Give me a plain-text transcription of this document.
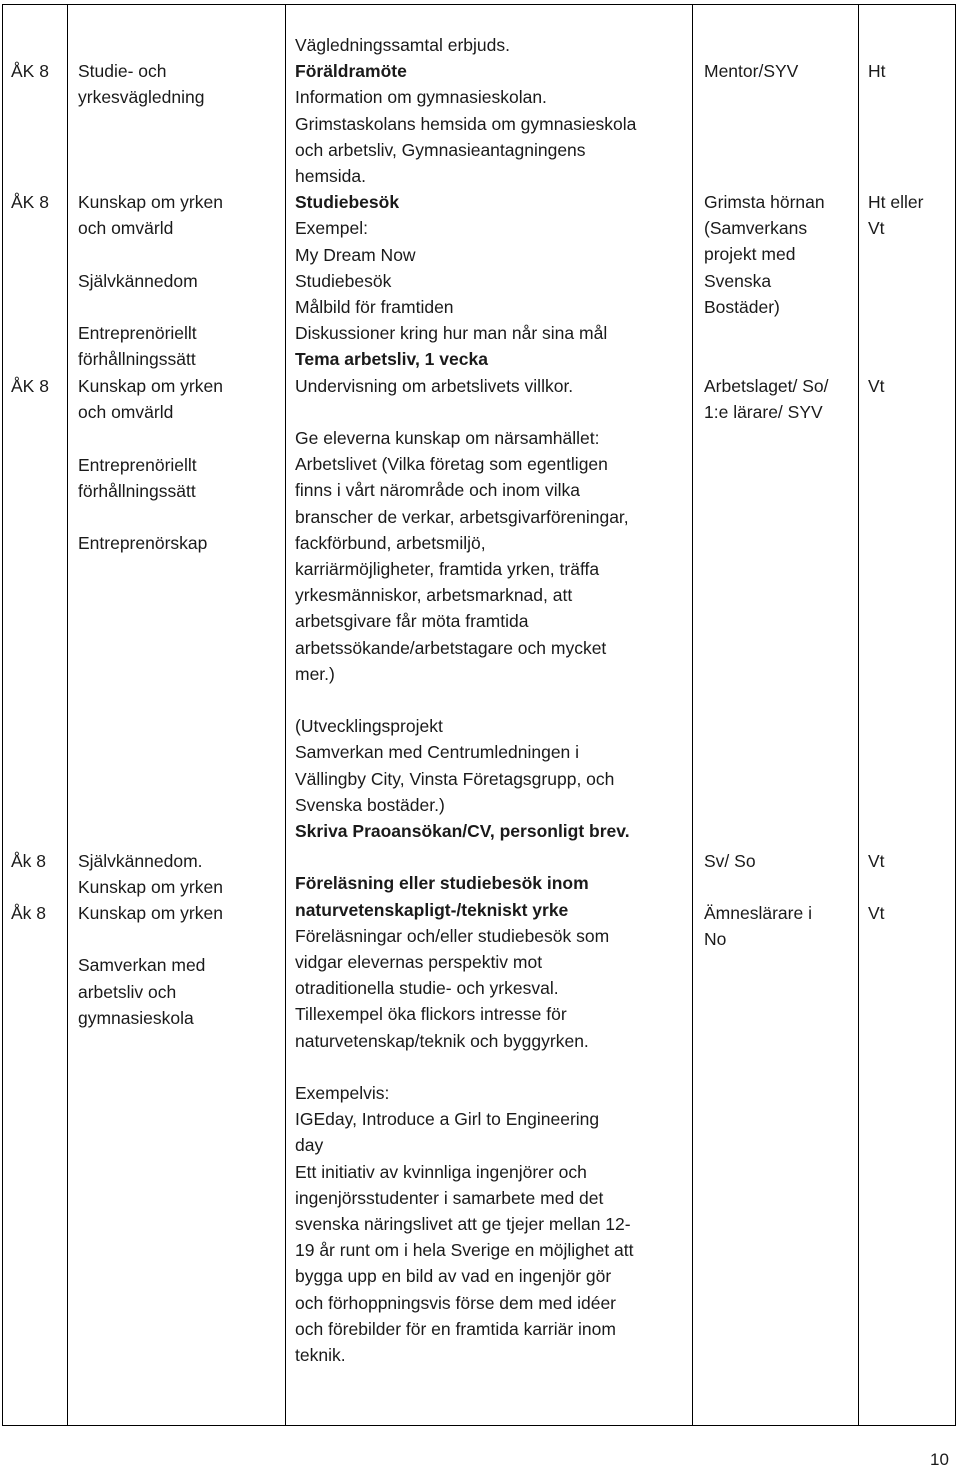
ÅK 8
ÅK 8
ÅK 8
Åk 8
Åk 8
Studie- och
yrkesvägledning
Kunskap om yrken
och omvärld
Självkännedom
Entreprenöriellt
förhållningssätt
Kunskap om yrken
och omvärld
Entreprenöriellt
förhållningssätt
Entreprenörskap
Självkännedom.
Kunskap om yrken
Kunskap om yrken
Samverkan med
arbetsliv och
gymnasieskola
Vägledningssamtal erbjuds.
Föräldramöte
Information om gymnasieskolan.
Grimstaskolans hemsida om gymnasieskola
och arbetsliv, Gymnasieantagningens
hemsida.
Studiebesök
Exempel:
My Dream Now
Studiebesök
Målbild för framtiden
Diskussioner kring hur man når sina mål
Tema arbetsliv, 1 vecka
Undervisning om arbetslivets villkor.
Ge eleverna kunskap om närsamhället:
Arbetslivet (Vilka företag som egentligen
finns i vårt närområde och inom vilka
branscher de verkar, arbetsgivarföreningar,
fackförbund, arbetsmiljö,
karriärmöjligheter, framtida yrken, träffa
yrkesmänniskor, arbetsmarknad, att
arbetsgivare får möta framtida
arbetssökande/arbetstagare och mycket
mer.)
(Utvecklingsprojekt
Samverkan med Centrumledningen i
Vällingby City, Vinsta Företagsgrupp, och
Svenska bostäder.)
Skriva Praoansökan/CV, personligt brev.
Föreläsning eller studiebesök inom
naturvetenskapligt-/tekniskt yrke
Föreläsningar och/eller studiebesök som
vidgar elevernas perspektiv mot
otraditionella studie- och yrkesval.
Tillexempel öka flickors intresse för
naturvetenskap/teknik och byggyrken.
Exempelvis:
IGEday, Introduce a Girl to Engineering
day
Ett initiativ av kvinnliga ingenjörer och
ingenjörsstudenter i samarbete med det
svenska näringslivet att ge tjejer mellan 12-
19 år runt om i hela Sverige en möjlighet att
bygga upp en bild av vad en ingenjör gör
och förhoppningsvis förse dem med idéer
och förebilder för en framtida karriär inom
teknik.
Mentor/SYV
Grimsta hörnan
(Samverkans
projekt med
Svenska
Bostäder)
Arbetslaget/ So/
1:e lärare/ SYV
Sv/ So
Ämneslärare i
No
Ht
Ht eller
Vt
Vt
Vt
Vt
10
